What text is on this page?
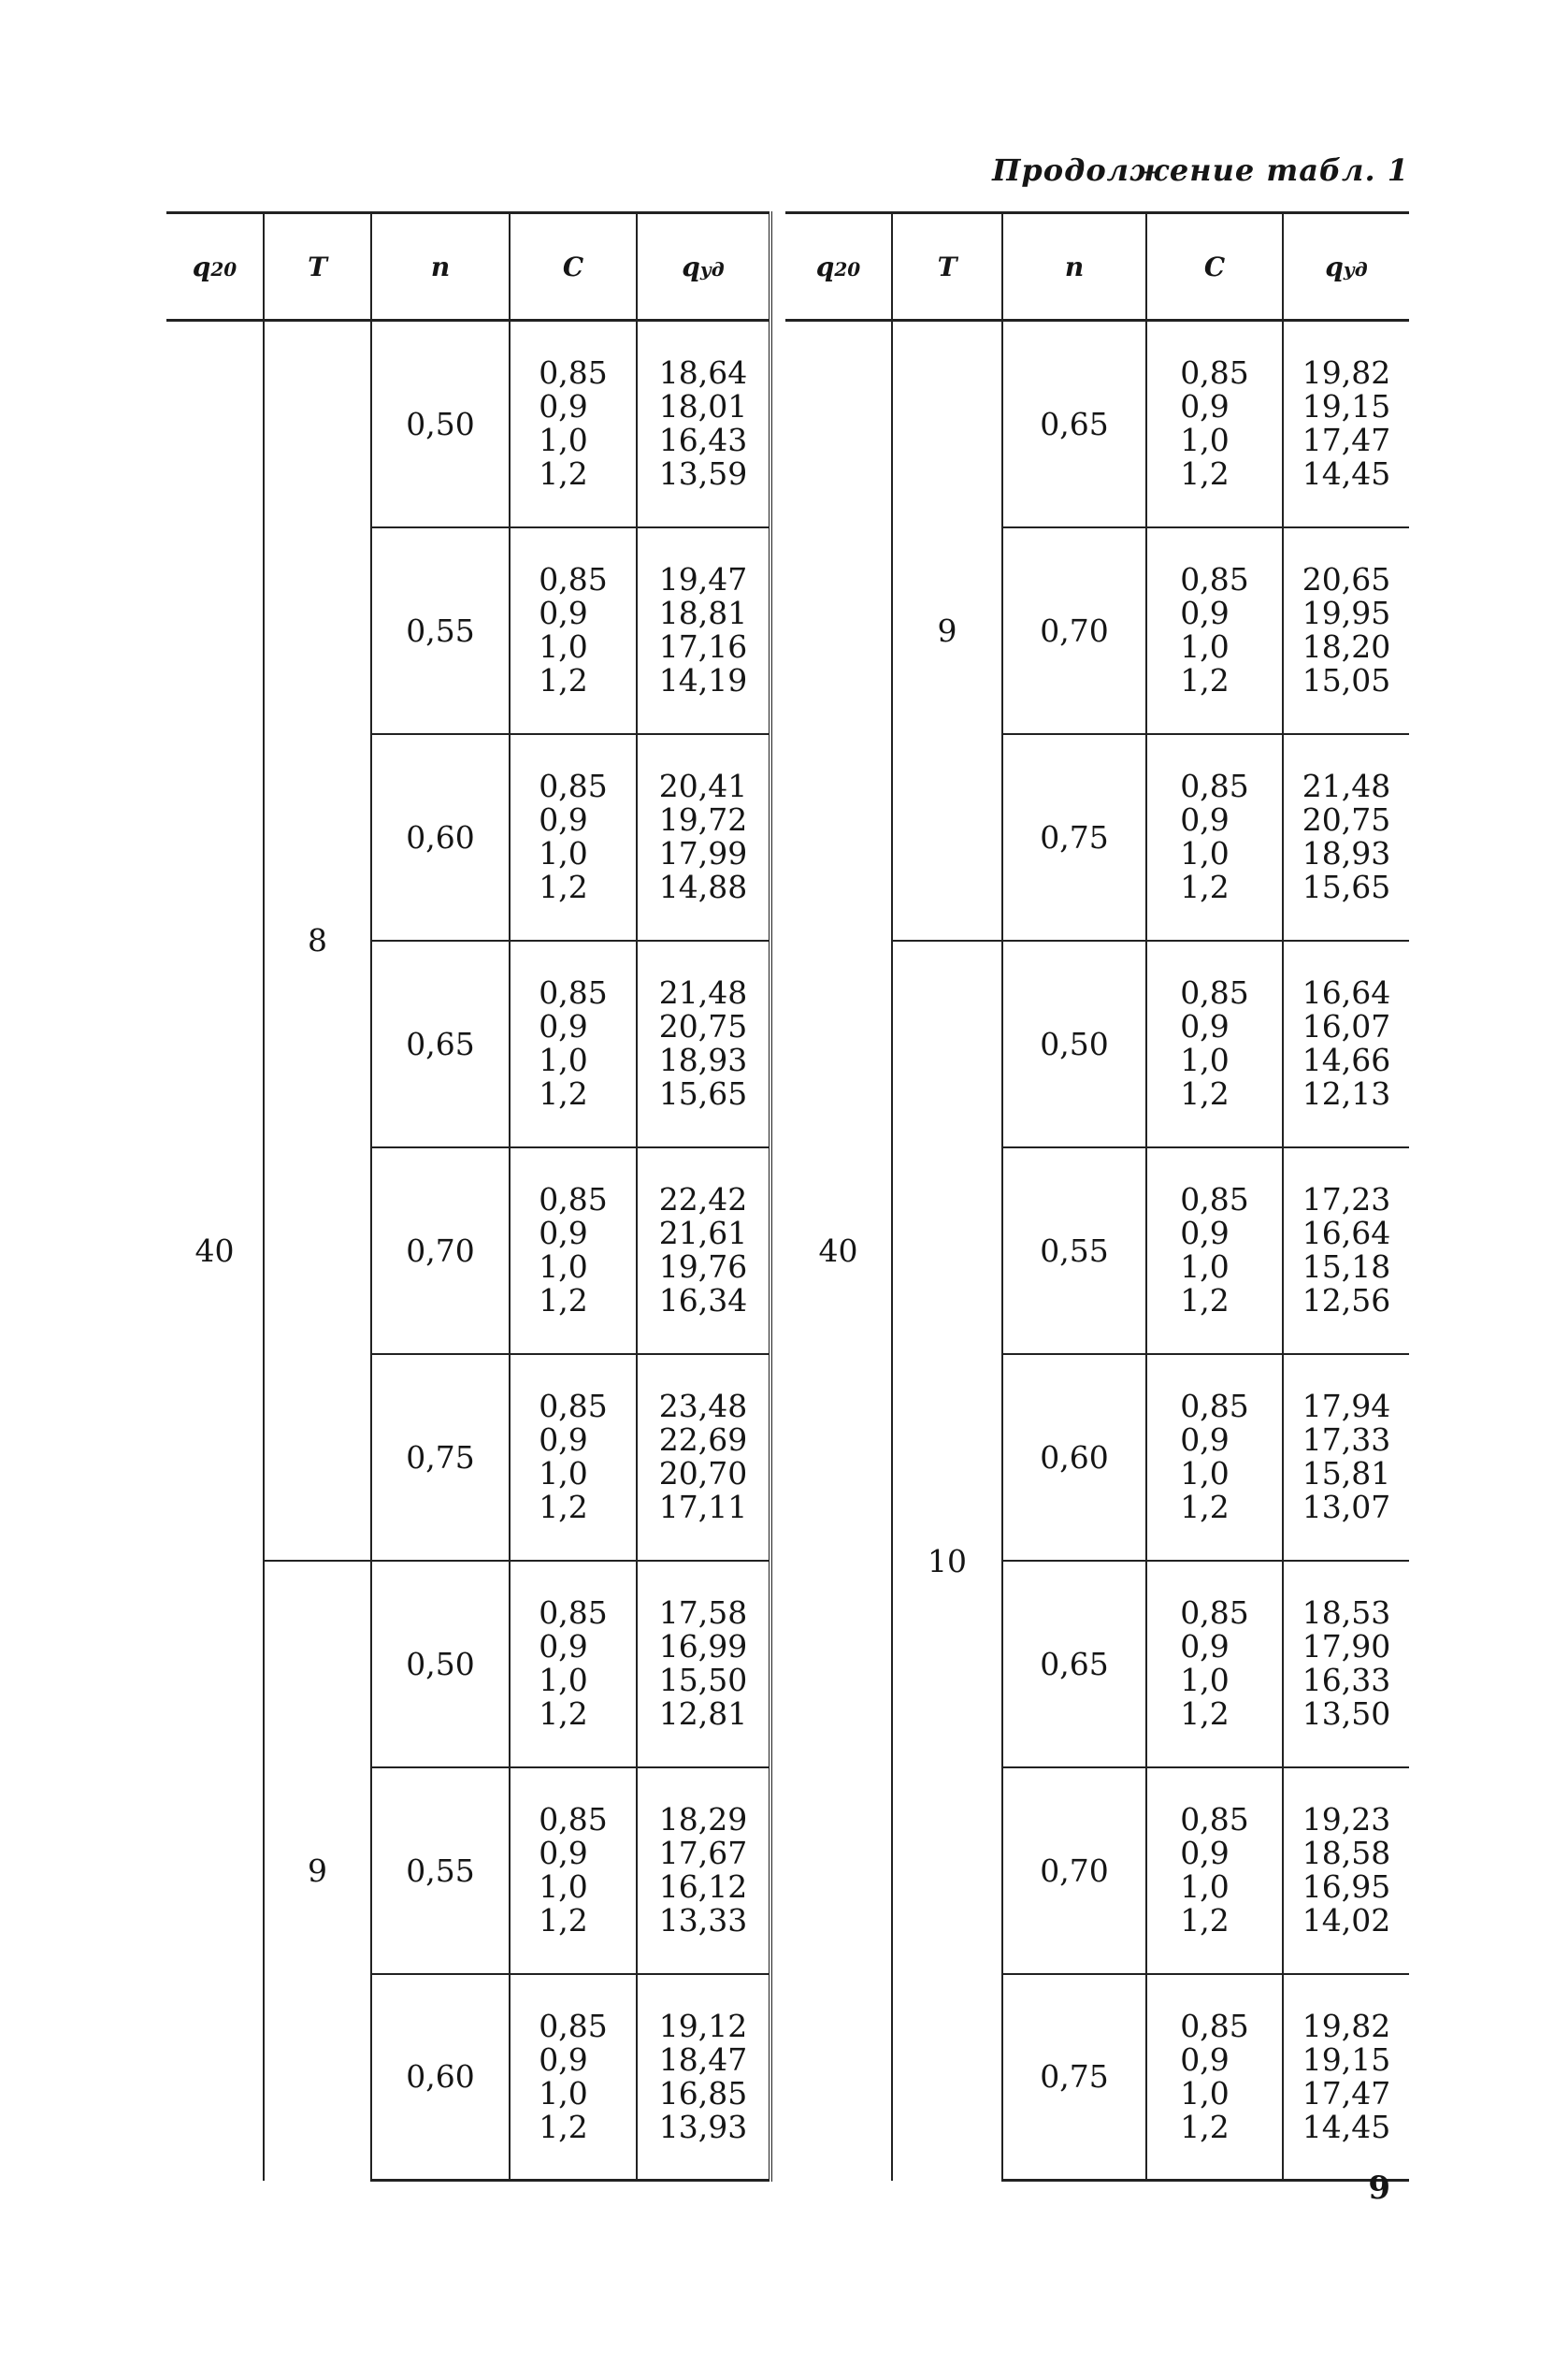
Продолжение табл. 1
q20	T	n	C	qуд
40	8	0,50	0,85
0,9
1,0
1,2	18,64
18,01
16,43
13,59

		0,55	0,85
0,9
1,0
1,2	19,47
18,81
17,16
14,19

		0,60	0,85
0,9
1,0
1,2	20,41
19,72
17,99
14,88

		0,65	0,85
0,9
1,0
1,2	21,48
20,75
18,93
15,65

		0,70	0,85
0,9
1,0
1,2	22,42
21,61
19,76
16,34

		0,75	0,85
0,9
1,0
1,2	23,48
22,69
20,70
17,11

	9	0,50	0,85
0,9
1,0
1,2	17,58
16,99
15,50
12,81

		0,55	0,85
0,9
1,0
1,2	18,29
17,67
16,12
13,33

		0,60	0,85
0,9
1,0
1,2	19,12
18,47
16,85
13,93
q20	T	n	C	qуд
40	9	0,65	0,85
0,9
1,0
1,2	19,82
19,15
17,47
14,45

		0,70	0,85
0,9
1,0
1,2	20,65
19,95
18,20
15,05

		0,75	0,85
0,9
1,0
1,2	21,48
20,75
18,93
15,65

	10	0,50	0,85
0,9
1,0
1,2	16,64
16,07
14,66
12,13

		0,55	0,85
0,9
1,0
1,2	17,23
16,64
15,18
12,56

		0,60	0,85
0,9
1,0
1,2	17,94
17,33
15,81
13,07

		0,65	0,85
0,9
1,0
1,2	18,53
17,90
16,33
13,50

		0,70	0,85
0,9
1,0
1,2	19,23
18,58
16,95
14,02

		0,75	0,85
0,9
1,0
1,2	19,82
19,15
17,47
14,45
9
